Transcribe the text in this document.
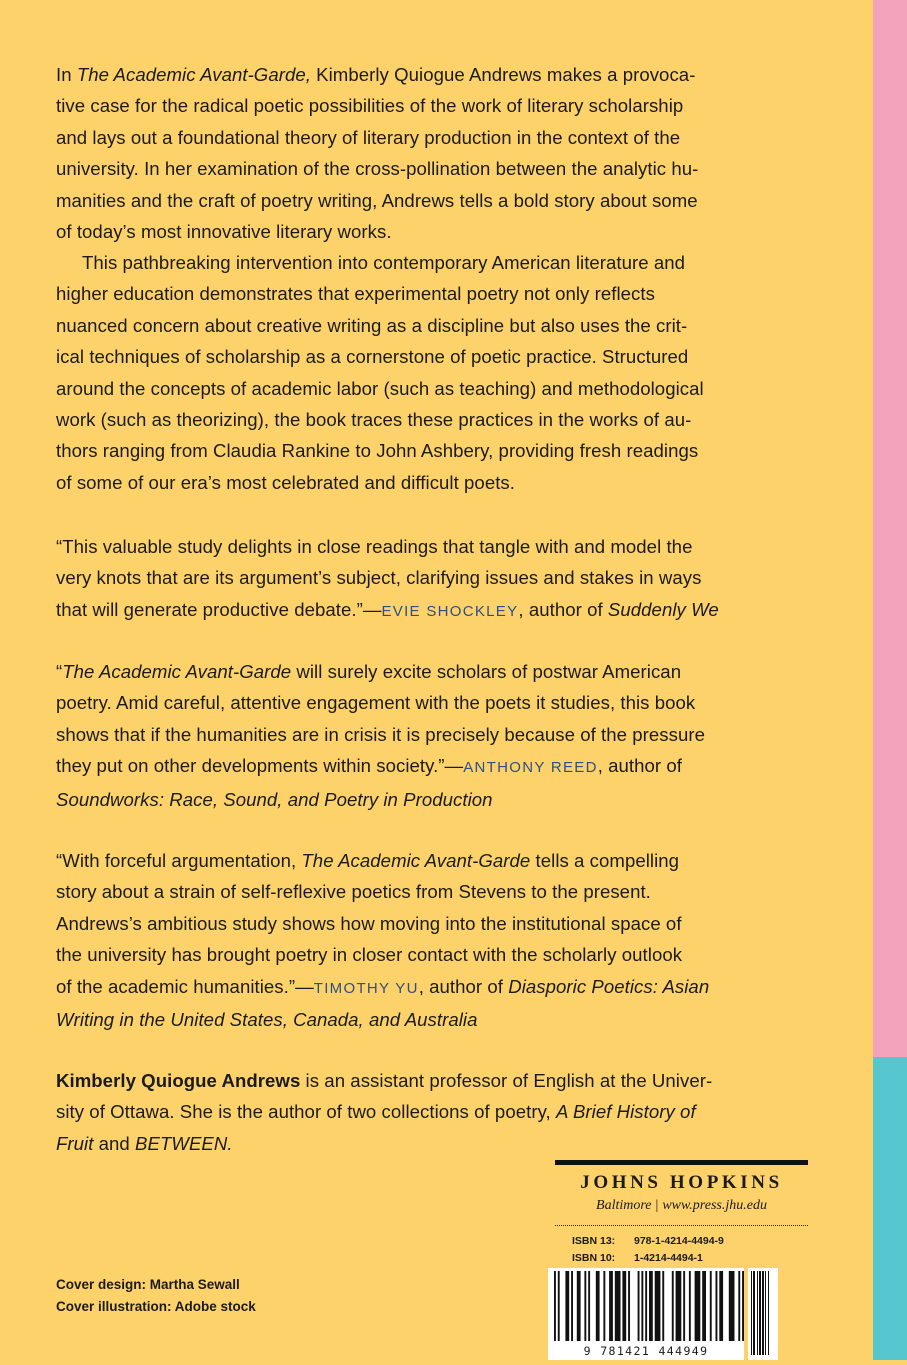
In The Academic Avant-Garde, Kimberly Quiogue Andrews makes a provoca-
tive case for the radical poetic possibilities of the work of literary scholarship
and lays out a foundational theory of literary production in the context of the
university. In her examination of the cross-pollination between the analytic hu-
manities and the craft of poetry writing, Andrews tells a bold story about some
of today’s most innovative literary works.

This pathbreaking intervention into contemporary American literature and
higher education demonstrates that experimental poetry not only reflects
nuanced concern about creative writing as a discipline but also uses the crit-
ical techniques of scholarship as a cornerstone of poetic practice. Structured
around the concepts of academic labor (such as teaching) and methodological
work (such as theorizing), the book traces these practices in the works of au-
thors ranging from Claudia Rankine to John Ashbery, providing fresh readings
of some of our era’s most celebrated and difficult poets.

“This valuable study delights in close readings that tangle with and model the
very knots that are its argument’s subject, clarifying issues and stakes in ways
that will generate productive debate.”—EVIE SHOCKLEY, author of Suddenly We

“The Academic Avant-Garde will surely excite scholars of postwar American
poetry. Amid careful, attentive engagement with the poets it studies, this book
shows that if the humanities are in crisis it is precisely because of the pressure
they put on other developments within society.”—ANTHONY REED, author of
Soundworks: Race, Sound, and Poetry in Production

“With forceful argumentation, The Academic Avant-Garde tells a compelling
story about a strain of self-reflexive poetics from Stevens to the present.
Andrews’s ambitious study shows how moving into the institutional space of
the university has brought poetry in closer contact with the scholarly outlook
of the academic humanities.”—TIMOTHY YU, author of Diasporic Poetics: Asian
Writing in the United States, Canada, and Australia

Kimberly Quiogue Andrews is an assistant professor of English at the Univer-
sity of Ottawa. She is the author of two collections of poetry, A Brief History of
Fruit and BETWEEN.

Cover design: Martha Sewall
Cover illustration: Adobe stock
JOHNS HOPKINS
Baltimore | www.press.jhu.edu
ISBN 13: 978-1-4214-4494-9
ISBN 10: 1-4214-4494-1
9 781421 444949
